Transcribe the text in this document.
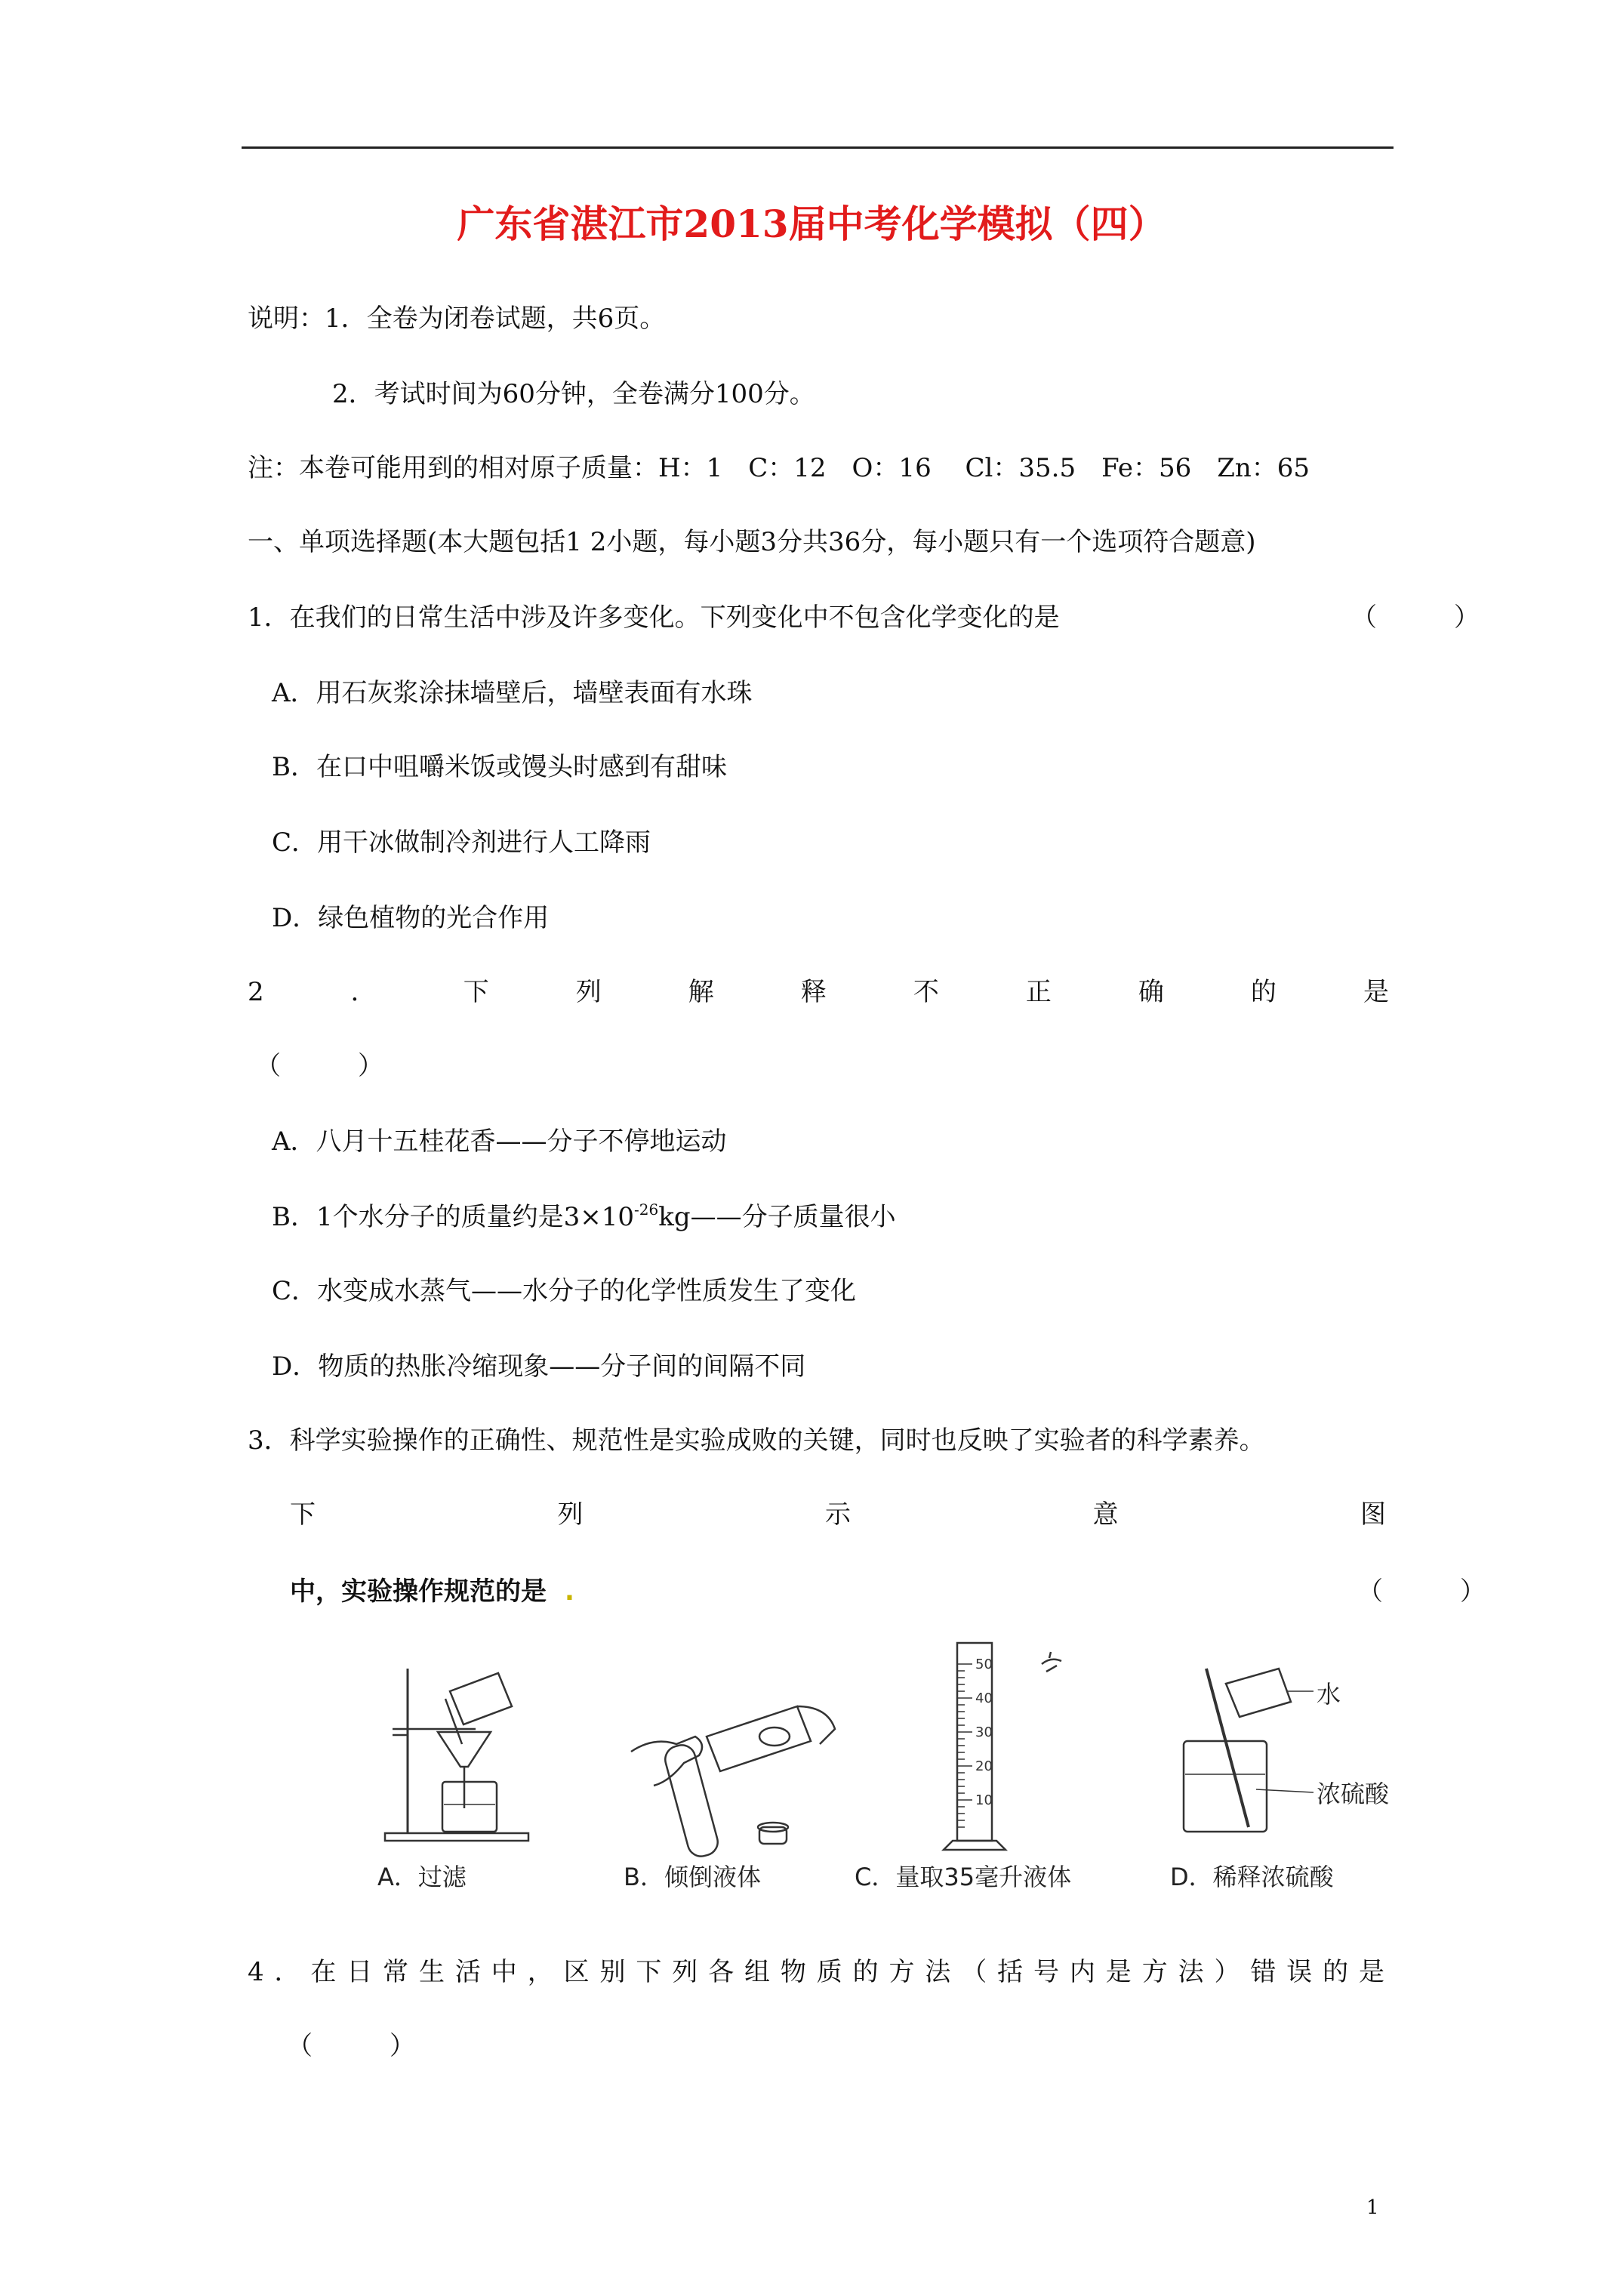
广东省湛江市2013届中考化学模拟（四）
说明：1．全卷为闭卷试题，共6页。
2．考试时间为60分钟，全卷满分100分。
注：本卷可能用到的相对原子质量：H：1　C：12　O：16　 Cl：35.5　Fe：56　Zn：65
一、单项选择题(本大题包括1 2小题，每小题3分共36分，每小题只有一个选项符合题意)
1．在我们的日常生活中涉及许多变化。下列变化中不包含化学变化的是	（　　　）
A．用石灰浆涂抹墙壁后，墙壁表面有水珠
B．在口中咀嚼米饭或馒头时感到有甜味
C．用干冰做制冷剂进行人工降雨
D．绿色植物的光合作用
2	．	下	列	解	释	不	正	确	的	是
（　　　）
A．八月十五桂花香——分子不停地运动
B．1个水分子的质量约是$3\times 10^{-26}kg——$分子质量很小
C．水变成水蒸气——水分子的化学性质发生了变化
D．物质的热胀冷缩现象——分子间的间隔不同
3．科学实验操作的正确性、规范性是实验成败的关键，同时也反映了实验者的科学素养。
下	列	示	意	图
中，实验操作规范的是 .	（　　　）
A．过滤	B．倾倒液体
50
40
30
20
10
C．量取35毫升液体
水
浓硫酸
D．稀释浓硫酸
4．在日常生活中，区别下列各组物质的方法（括号内是方法）错误的是
（　　　）
1
